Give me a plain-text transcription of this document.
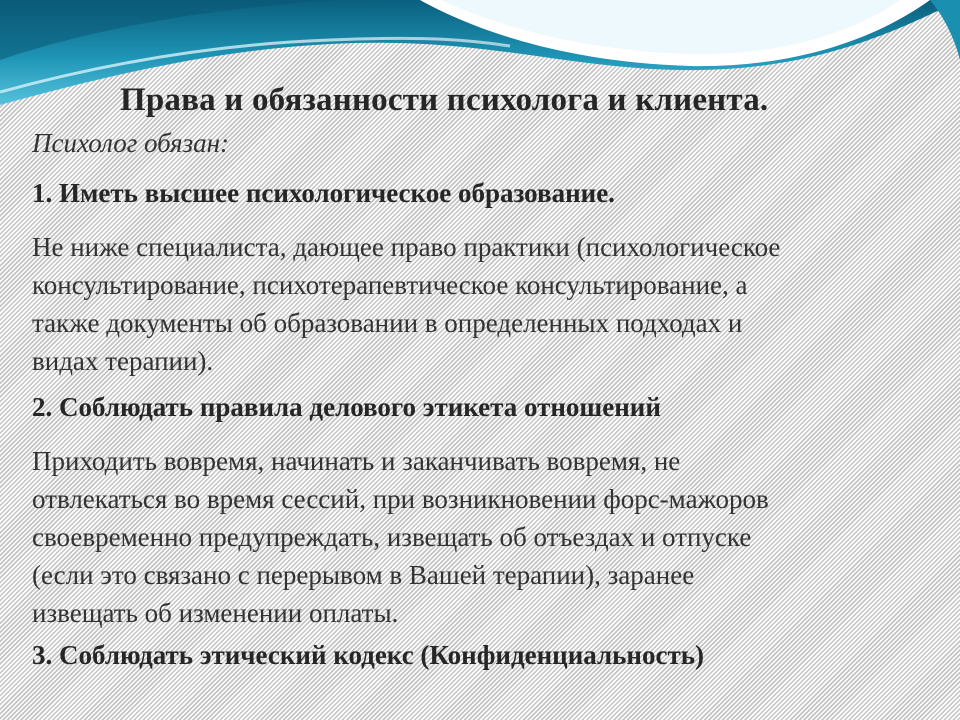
Права и обязанности психолога и клиента.
Психолог обязан:
1. Иметь высшее психологическое образование.
Не ниже специалиста, дающее право практики (психологическое
консультирование, психотерапевтическое консультирование, а
также документы об образовании в определенных подходах и
видах терапии).
2. Соблюдать правила делового этикета отношений
Приходить вовремя, начинать и заканчивать вовремя, не
отвлекаться во время сессий, при возникновении форс-мажоров
своевременно предупреждать, извещать об отъездах и отпуске
(если это связано с перерывом в Вашей терапии), заранее
извещать об изменении оплаты.
3. Соблюдать этический кодекс (Конфиденциальность)
